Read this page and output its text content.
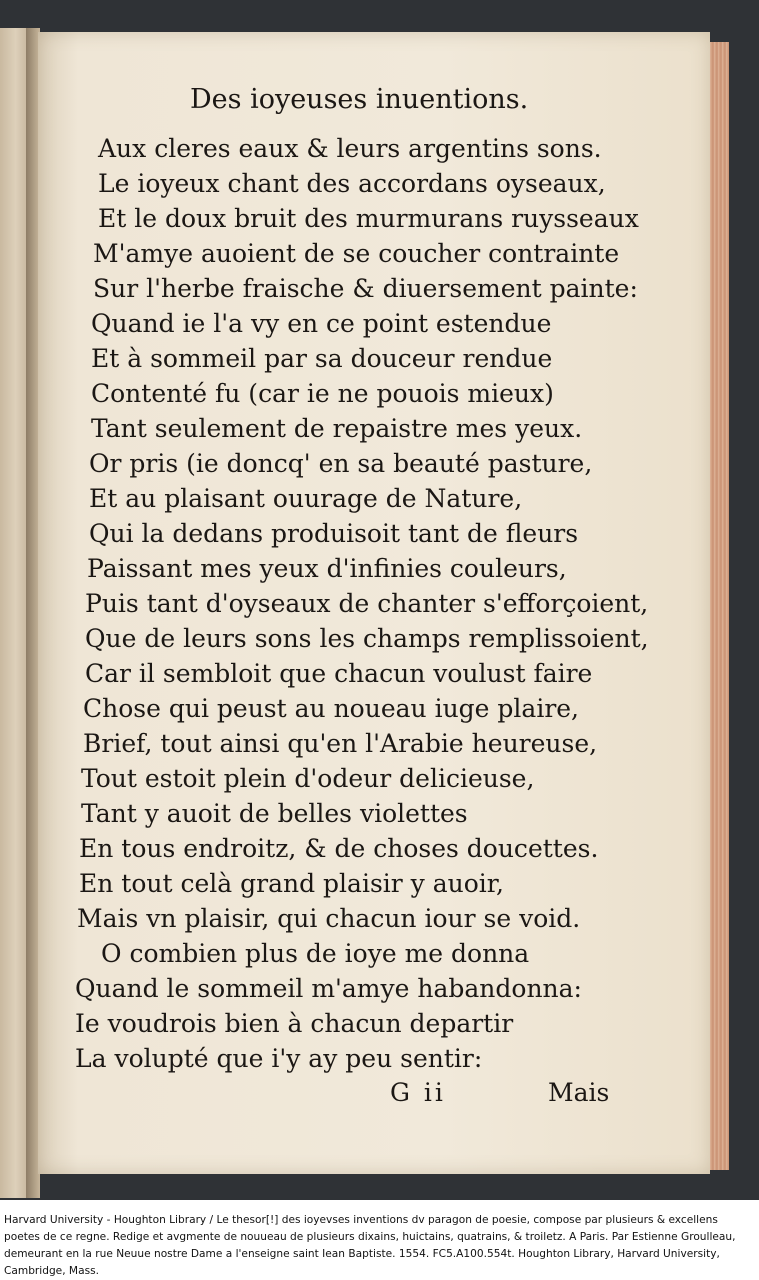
Des ioyeuses inuentions.
Aux cleres eaux & leurs argentins sons.
Le ioyeux chant des accordans oyseaux,
Et le doux bruit des murmurans ruysseaux
M'amye auoient de se coucher contrainte
Sur l'herbe fraische & diuersement painte:
Quand ie l'a vy en ce point estendue
Et à sommeil par sa douceur rendue
Contenté fu (car ie ne pouois mieux)
Tant seulement de repaistre mes yeux.
Or pris (ie doncq' en sa beauté pasture,
Et au plaisant ouurage de Nature,
Qui la dedans produisoit tant de fleurs
Paissant mes yeux d'infinies couleurs,
Puis tant d'oyseaux de chanter s'efforçoient,
Que de leurs sons les champs remplissoient,
Car il sembloit que chacun voulust faire
Chose qui peust au noueau iuge plaire,
Brief, tout ainsi qu'en l'Arabie heureuse,
Tout estoit plein d'odeur delicieuse,
Tant y auoit de belles violettes
En tous endroitz, & de choses doucettes.
En tout celà grand plaisir y auoir,
Mais vn plaisir, qui chacun iour se void.
O combien plus de ioye me donna
Quand le sommeil m'amye habandonna:
Ie voudrois bien à chacun departir
La volupté que i'y ay peu sentir:
G ii	Mais

Harvard University - Houghton Library / Le thesor[!] des ioyevses inventions dv paragon de poesie, compose par plusieurs & excellens poetes de ce regne. Redige et avgmente de nouueau de plusieurs dixains, huictains, quatrains, & troiletz. A Paris. Par Estienne Groulleau, demeurant en la rue Neuue nostre Dame a l'enseigne saint Iean Baptiste. 1554. FC5.A100.554t. Houghton Library, Harvard University, Cambridge, Mass.
